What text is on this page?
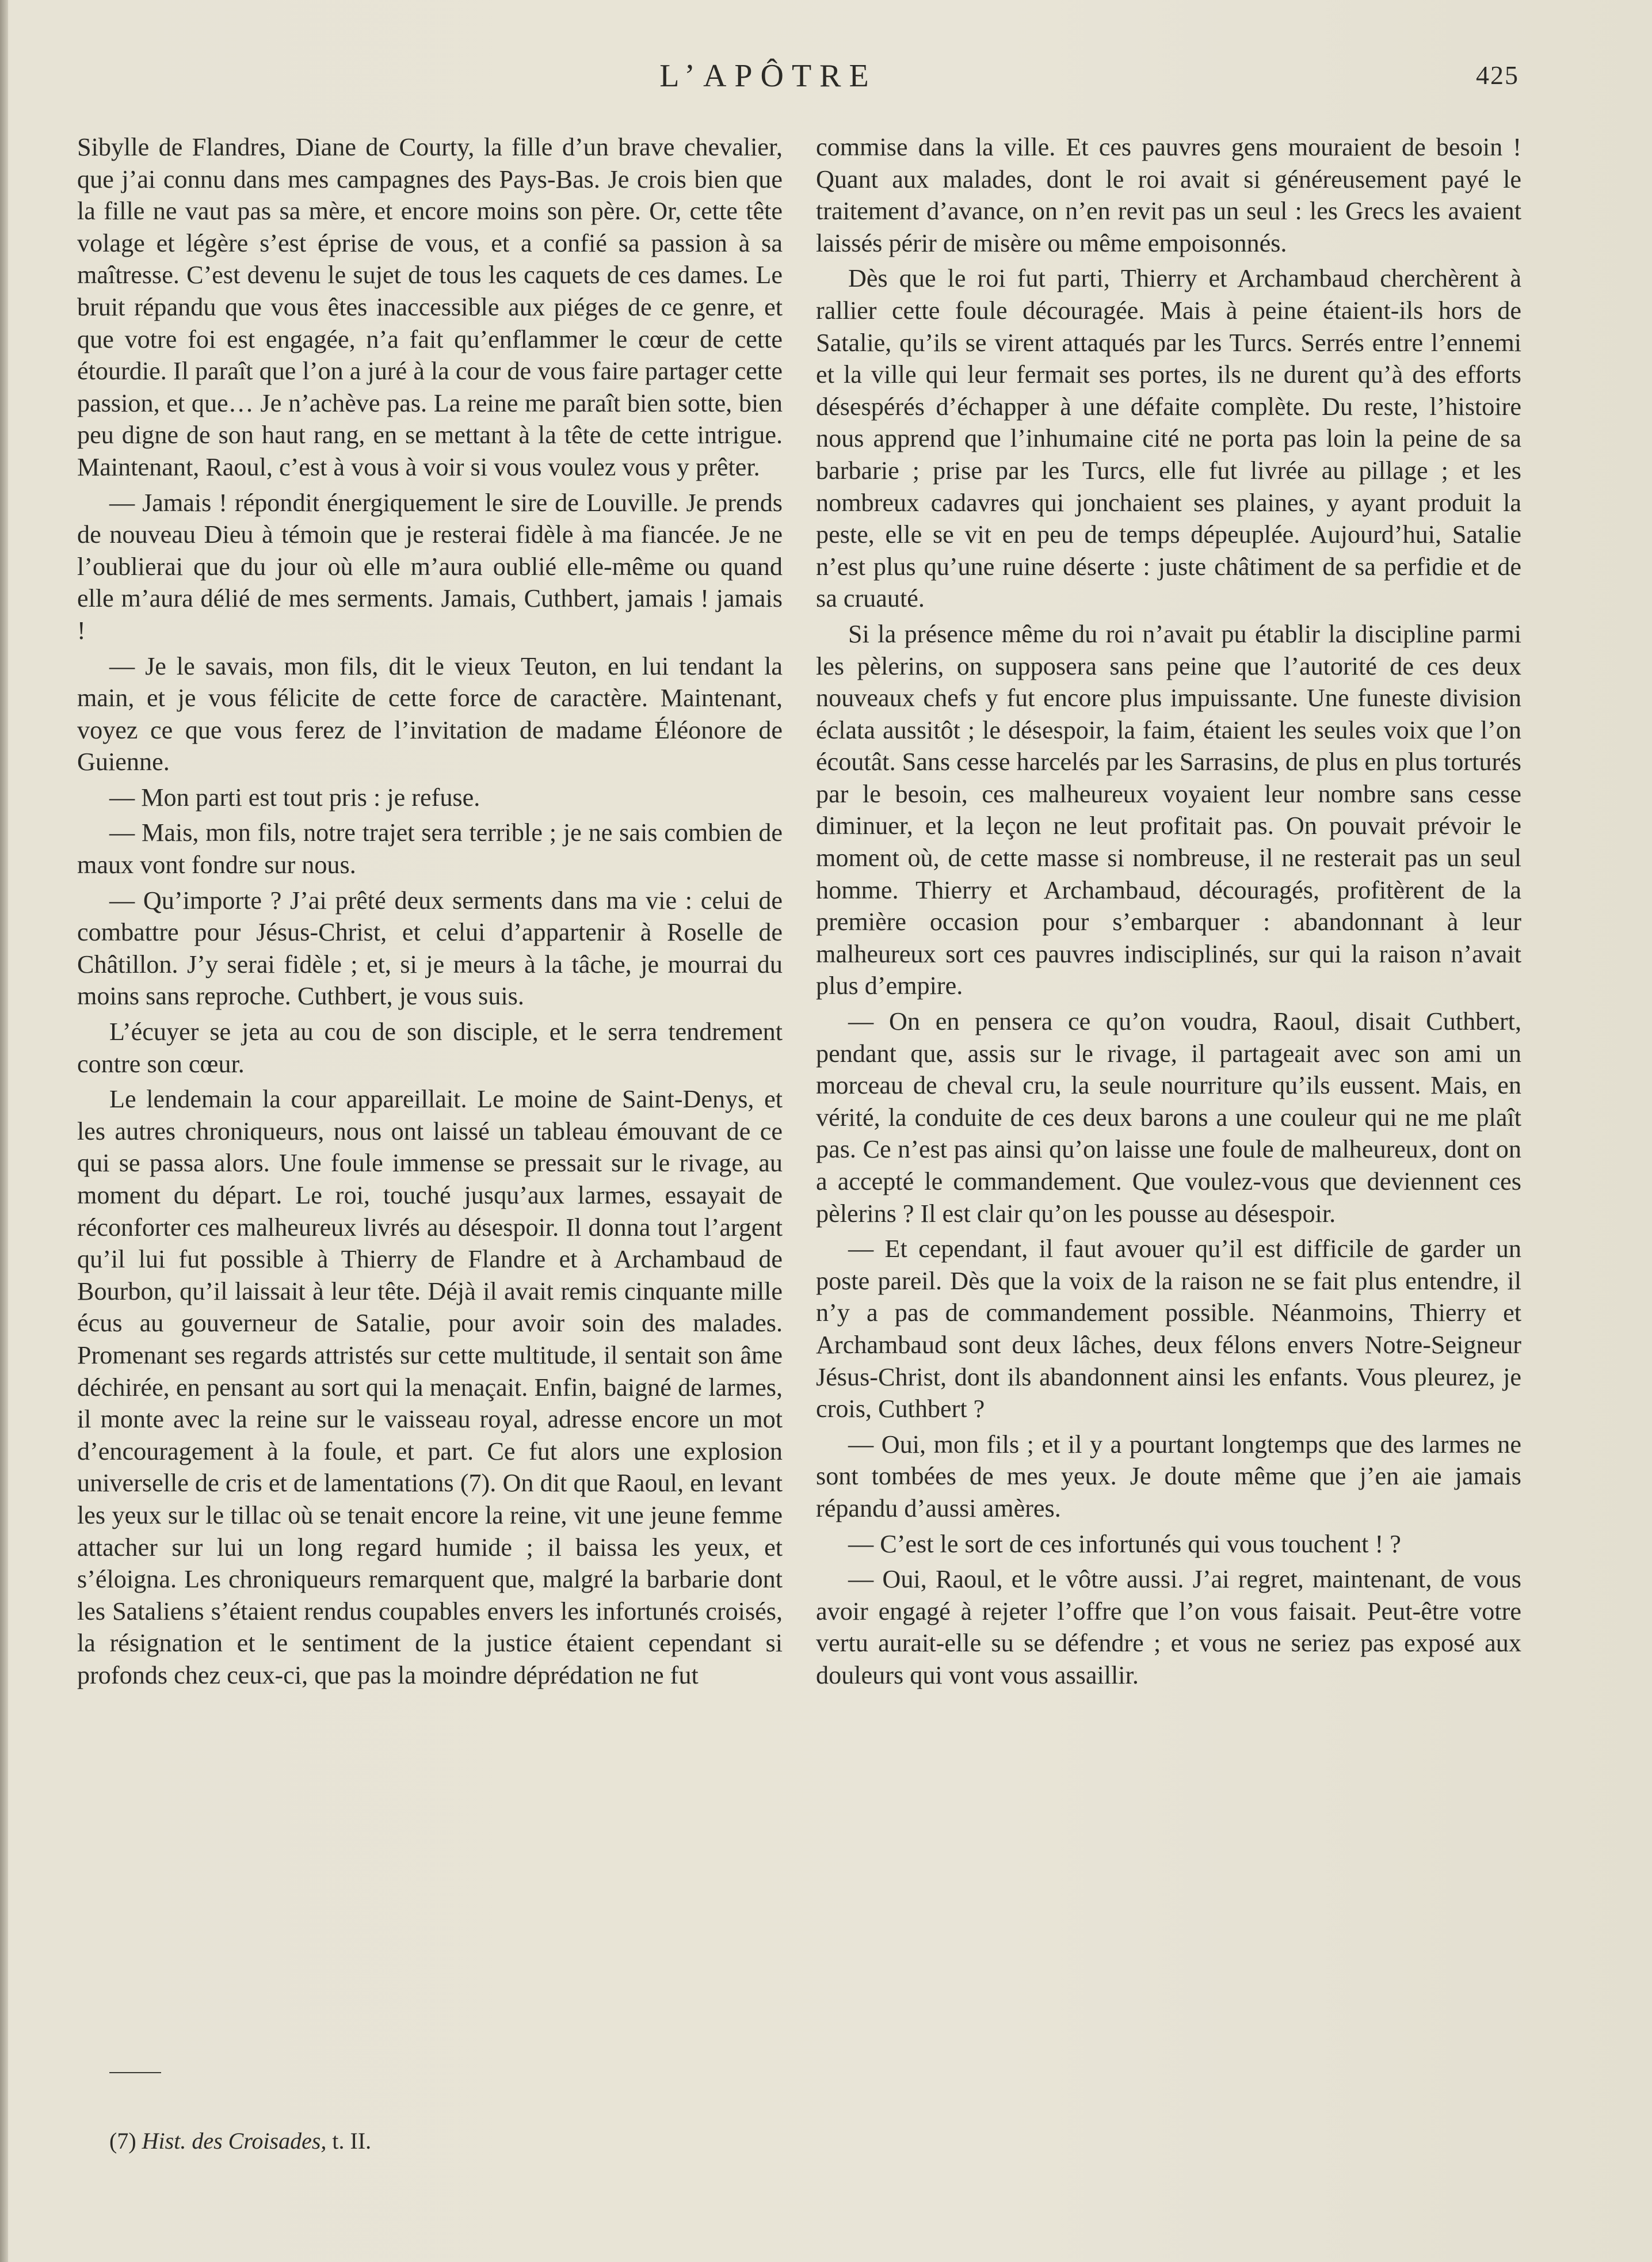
L’APÔTRE	425

Sibylle de Flandres, Diane de Courty, la fille d’un brave chevalier, que j’ai connu dans mes campagnes des Pays-Bas. Je crois bien que la fille ne vaut pas sa mère, et encore moins son père. Or, cette tête volage et légère s’est éprise de vous, et a confié sa passion à sa maîtresse. C’est devenu le sujet de tous les caquets de ces dames. Le bruit répandu que vous êtes inaccessible aux piéges de ce genre, et que votre foi est engagée, n’a fait qu’enflammer le cœur de cette étourdie. Il paraît que l’on a juré à la cour de vous faire partager cette passion, et que… Je n’achève pas. La reine me paraît bien sotte, bien peu digne de son haut rang, en se mettant à la tête de cette intrigue. Maintenant, Raoul, c’est à vous à voir si vous voulez vous y prêter.

— Jamais ! répondit énergiquement le sire de Louville. Je prends de nouveau Dieu à témoin que je resterai fidèle à ma fiancée. Je ne l’oublierai que du jour où elle m’aura oublié elle-même ou quand elle m’aura délié de mes serments. Jamais, Cuthbert, jamais ! jamais !

— Je le savais, mon fils, dit le vieux Teuton, en lui tendant la main, et je vous félicite de cette force de caractère. Maintenant, voyez ce que vous ferez de l’invitation de madame Éléonore de Guienne.

— Mon parti est tout pris : je refuse.

— Mais, mon fils, notre trajet sera terrible ; je ne sais combien de maux vont fondre sur nous.

— Qu’importe ? J’ai prêté deux serments dans ma vie : celui de combattre pour Jésus-Christ, et celui d’appartenir à Roselle de Châtillon. J’y serai fidèle ; et, si je meurs à la tâche, je mourrai du moins sans reproche. Cuthbert, je vous suis.

L’écuyer se jeta au cou de son disciple, et le serra tendrement contre son cœur.

Le lendemain la cour appareillait. Le moine de Saint-Denys, et les autres chroniqueurs, nous ont laissé un tableau émouvant de ce qui se passa alors. Une foule immense se pressait sur le rivage, au moment du départ. Le roi, touché jusqu’aux larmes, essayait de réconforter ces malheureux livrés au désespoir. Il donna tout l’argent qu’il lui fut possible à Thierry de Flandre et à Archambaud de Bourbon, qu’il laissait à leur tête. Déjà il avait remis cinquante mille écus au gouverneur de Satalie, pour avoir soin des malades. Promenant ses regards attristés sur cette multitude, il sentait son âme déchirée, en pensant au sort qui la menaçait. Enfin, baigné de larmes, il monte avec la reine sur le vaisseau royal, adresse encore un mot d’encouragement à la foule, et part. Ce fut alors une explosion universelle de cris et de lamentations (7). On dit que Raoul, en levant les yeux sur le tillac où se tenait encore la reine, vit une jeune femme attacher sur lui un long regard humide ; il baissa les yeux, et s’éloigna. Les chroniqueurs remarquent que, malgré la barbarie dont les Sataliens s’étaient rendus coupables envers les infortunés croisés, la résignation et le sentiment de la justice étaient cependant si profonds chez ceux-ci, que pas la moindre déprédation ne fut

commise dans la ville. Et ces pauvres gens mouraient de besoin ! Quant aux malades, dont le roi avait si généreusement payé le traitement d’avance, on n’en revit pas un seul : les Grecs les avaient laissés périr de misère ou même empoisonnés.

Dès que le roi fut parti, Thierry et Archambaud cherchèrent à rallier cette foule découragée. Mais à peine étaient-ils hors de Satalie, qu’ils se virent attaqués par les Turcs. Serrés entre l’ennemi et la ville qui leur fermait ses portes, ils ne durent qu’à des efforts désespérés d’échapper à une défaite complète. Du reste, l’histoire nous apprend que l’inhumaine cité ne porta pas loin la peine de sa barbarie ; prise par les Turcs, elle fut livrée au pillage ; et les nombreux cadavres qui jonchaient ses plaines, y ayant produit la peste, elle se vit en peu de temps dépeuplée. Aujourd’hui, Satalie n’est plus qu’une ruine déserte : juste châtiment de sa perfidie et de sa cruauté.

Si la présence même du roi n’avait pu établir la discipline parmi les pèlerins, on supposera sans peine que l’autorité de ces deux nouveaux chefs y fut encore plus impuissante. Une funeste division éclata aussitôt ; le désespoir, la faim, étaient les seules voix que l’on écoutât. Sans cesse harcelés par les Sarrasins, de plus en plus torturés par le besoin, ces malheureux voyaient leur nombre sans cesse diminuer, et la leçon ne leut profitait pas. On pouvait prévoir le moment où, de cette masse si nombreuse, il ne resterait pas un seul homme. Thierry et Archambaud, découragés, profitèrent de la première occasion pour s’embarquer : abandonnant à leur malheureux sort ces pauvres indisciplinés, sur qui la raison n’avait plus d’empire.

— On en pensera ce qu’on voudra, Raoul, disait Cuthbert, pendant que, assis sur le rivage, il partageait avec son ami un morceau de cheval cru, la seule nourriture qu’ils eussent. Mais, en vérité, la conduite de ces deux barons a une couleur qui ne me plaît pas. Ce n’est pas ainsi qu’on laisse une foule de malheureux, dont on a accepté le commandement. Que voulez-vous que deviennent ces pèlerins ? Il est clair qu’on les pousse au désespoir.

— Et cependant, il faut avouer qu’il est difficile de garder un poste pareil. Dès que la voix de la raison ne se fait plus entendre, il n’y a pas de commandement possible. Néanmoins, Thierry et Archambaud sont deux lâches, deux félons envers Notre-Seigneur Jésus-Christ, dont ils abandonnent ainsi les enfants. Vous pleurez, je crois, Cuthbert ?

— Oui, mon fils ; et il y a pourtant longtemps que des larmes ne sont tombées de mes yeux. Je doute même que j’en aie jamais répandu d’aussi amères.

— C’est le sort de ces infortunés qui vous touchent ! ?

— Oui, Raoul, et le vôtre aussi. J’ai regret, maintenant, de vous avoir engagé à rejeter l’offre que l’on vous faisait. Peut-être votre vertu aurait-elle su se défendre ; et vous ne seriez pas exposé aux douleurs qui vont vous assaillir.

(7) Hist. des Croisades, t. II.
